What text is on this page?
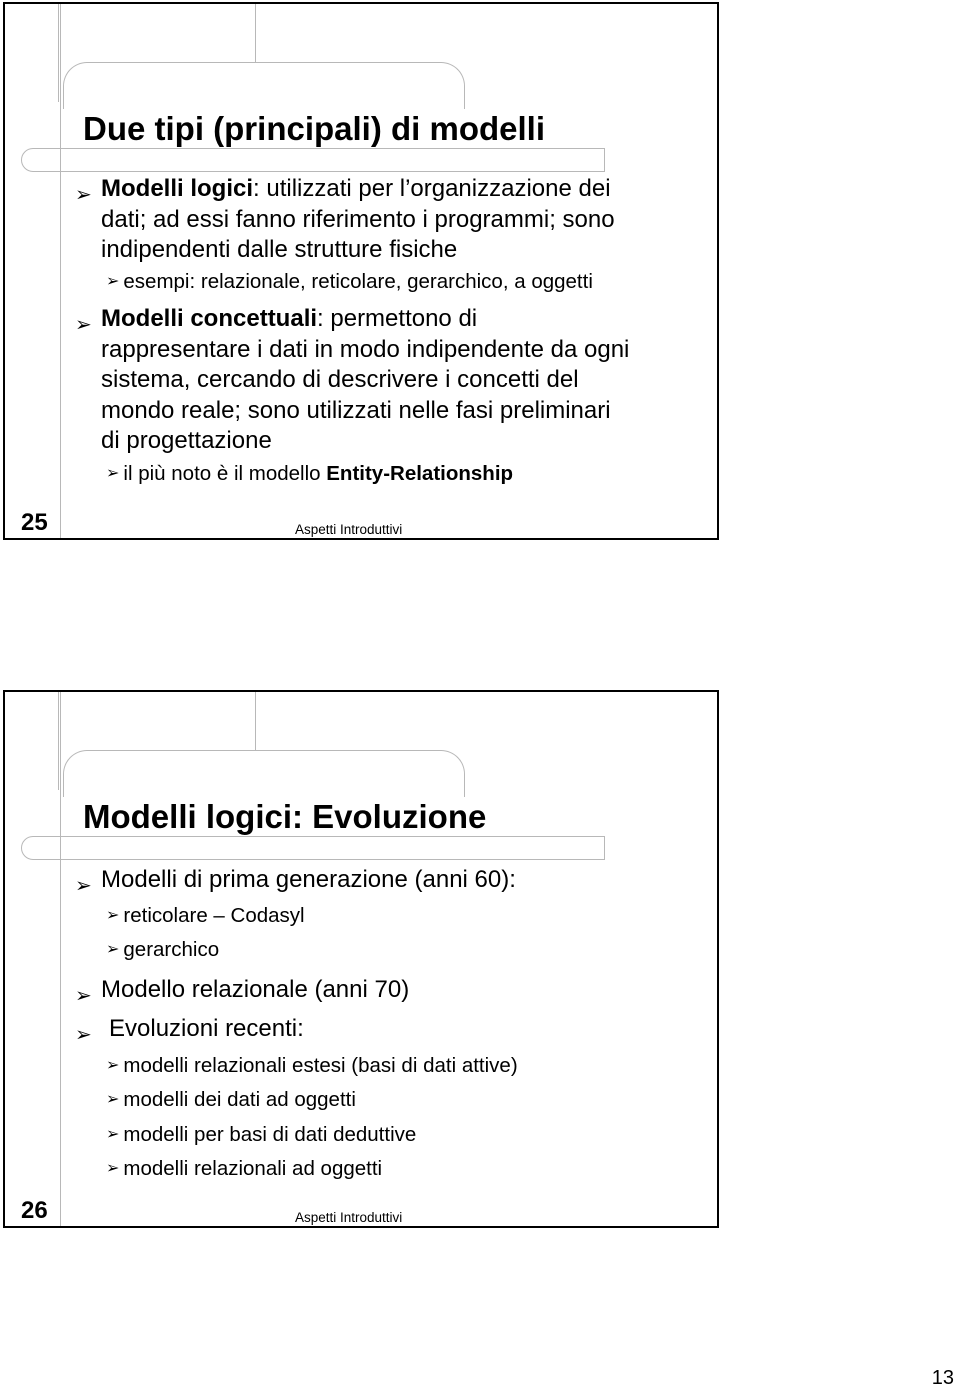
Due tipi (principali) di modelli
➢ Modelli logici: utilizzati per l’organizzazione dei
dati; ad essi fanno riferimento i programmi; sono
indipendenti dalle strutture fisiche
➢ esempi: relazionale, reticolare, gerarchico, a oggetti
➢ Modelli concettuali: permettono di
rappresentare i dati in modo indipendente da ogni
sistema, cercando di descrivere i concetti del
mondo reale; sono utilizzati nelle fasi preliminari
di progettazione
➢ il più noto è il modello Entity-Relationship
25	Aspetti Introduttivi
Modelli logici: Evoluzione
➢ Modelli di prima generazione (anni 60):
➢ reticolare – Codasyl
➢ gerarchico
➢ Modello relazionale (anni 70)
➢ Evoluzioni recenti:
➢ modelli relazionali estesi (basi di dati attive)
➢ modelli dei dati ad oggetti
➢ modelli per basi di dati deduttive
➢ modelli relazionali ad oggetti
26	Aspetti Introduttivi
13
